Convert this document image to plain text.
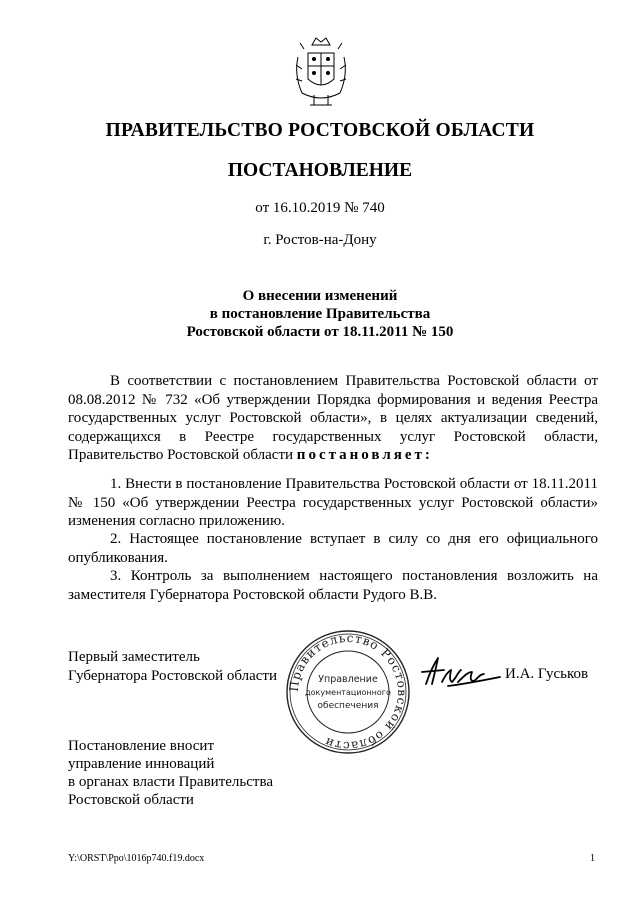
ПРАВИТЕЛЬСТВО РОСТОВСКОЙ ОБЛАСТИ
ПОСТАНОВЛЕНИЕ
от 16.10.2019 № 740
г. Ростов-на-Дону
О внесении изменений
в постановление Правительства
Ростовской области от 18.11.2011 № 150
В соответствии с постановлением Правительства Ростовской области от 08.08.2012 № 732 «Об утверждении Порядка формирования и ведения Реестра государственных услуг Ростовской области», в целях актуализации сведений, содержащихся в Реестре государственных услуг Ростовской области, Правительство Ростовской области постановляет:
1. Внести в постановление Правительства Ростовской области от 18.11.2011 № 150 «Об утверждении Реестра государственных услуг Ростовской области» изменения согласно приложению.
2. Настоящее постановление вступает в силу со дня его официального опубликования.
3. Контроль за выполнением настоящего постановления возложить на заместителя Губернатора Ростовской области Рудого В.В.
Первый заместитель
Губернатора Ростовской области
Правительство Ростовской области
Управление
документационного
обеспечения
И.А. Гуськов
Постановление вносит
управление инноваций
в органах власти Правительства
Ростовской области
Y:\ORST\Ppo\1016p740.f19.docx	1
